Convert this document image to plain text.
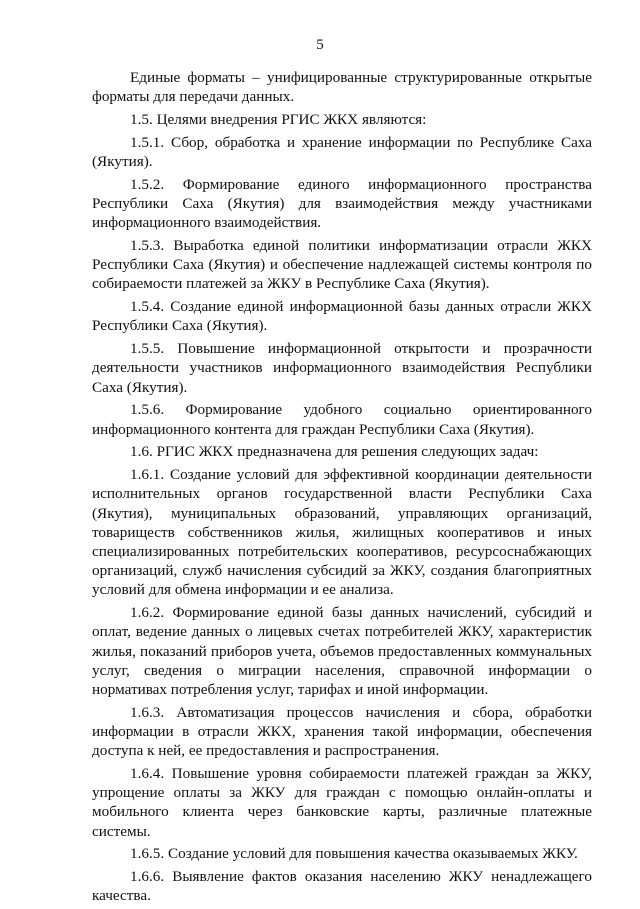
5

Единые форматы – унифицированные структурированные открытые форматы для передачи данных.

1.5. Целями внедрения РГИС ЖКХ являются:

1.5.1. Сбор, обработка и хранение информации по Республике Саха (Якутия).

1.5.2. Формирование единого информационного пространства Республики Саха (Якутия) для взаимодействия между участниками информационного взаимодействия.

1.5.3. Выработка единой политики информатизации отрасли ЖКХ Республики Саха (Якутия) и обеспечение надлежащей системы контроля по собираемости платежей за ЖКУ в Республике Саха (Якутия).

1.5.4. Создание единой информационной базы данных отрасли ЖКХ Республики Саха (Якутия).

1.5.5. Повышение информационной открытости и прозрачности деятельности участников информационного взаимодействия Республики Саха (Якутия).

1.5.6. Формирование удобного социально ориентированного информационного контента для граждан Республики Саха (Якутия).

1.6. РГИС ЖКХ предназначена для решения следующих задач:

1.6.1. Создание условий для эффективной координации деятельности исполнительных органов государственной власти Республики Саха (Якутия), муниципальных образований, управляющих организаций, товариществ собственников жилья, жилищных кооперативов и иных специализированных потребительских кооперативов, ресурсоснабжающих организаций, служб начисления субсидий за ЖКУ, создания благоприятных условий для обмена информации и ее анализа.

1.6.2. Формирование единой базы данных начислений, субсидий и оплат, ведение данных о лицевых счетах потребителей ЖКУ, характеристик жилья, показаний приборов учета, объемов предоставленных коммунальных услуг, сведения о миграции населения, справочной информации о нормативах потребления услуг, тарифах и иной информации.

1.6.3. Автоматизация процессов начисления и сбора, обработки информации в отрасли ЖКХ, хранения такой информации, обеспечения доступа к ней, ее предоставления и распространения.

1.6.4. Повышение уровня собираемости платежей граждан за ЖКУ, упрощение оплаты за ЖКУ для граждан с помощью онлайн-оплаты и мобильного клиента через банковские карты, различные платежные системы.

1.6.5. Создание условий для повышения качества оказываемых ЖКУ.

1.6.6. Выявление фактов оказания населению ЖКУ ненадлежащего качества.
